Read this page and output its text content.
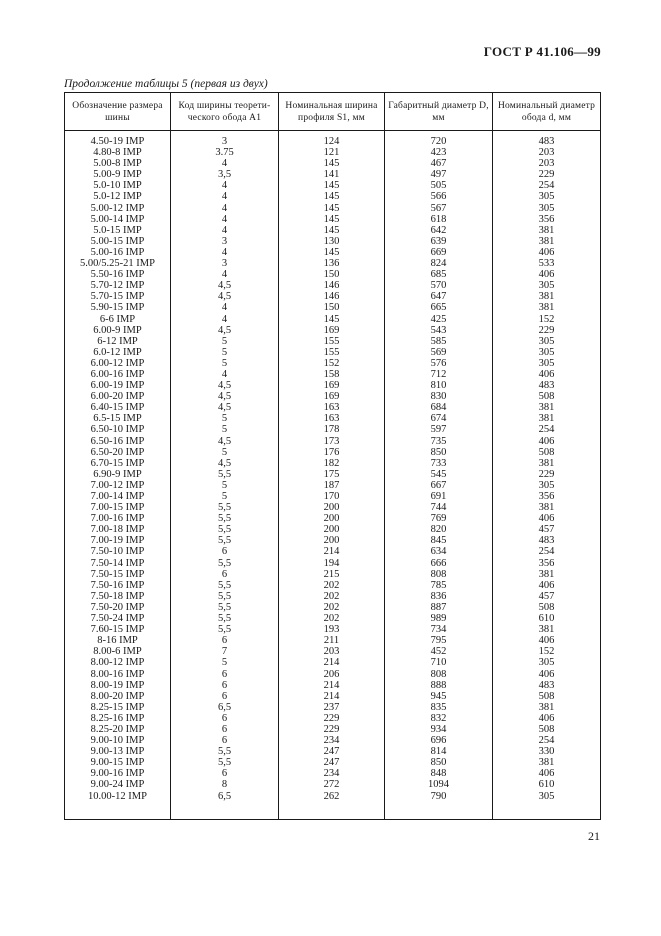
ГОСТ Р 41.106—99
Продолжение таблицы 5 (первая из двух)
Обозначение размера шины	Код ширины теорети-ческого обода A1	Номинальная ширина профиля S1, мм	Габаритный диаметр D, мм	Номинальный диаметр обода d, мм
4.50-19 IMP	3	124	720	483
4.80-8 IMP	3.75	121	423	203
5.00-8 IMP	4	145	467	203
5.00-9 IMP	3,5	141	497	229
5.0-10 IMP	4	145	505	254
5.0-12 IMP	4	145	566	305
5.00-12 IMP	4	145	567	305
5.00-14 IMP	4	145	618	356
5.0-15 IMP	4	145	642	381
5.00-15 IMP	3	130	639	381
5.00-16 IMP	4	145	669	406
5.00/5.25-21 IMP	3	136	824	533
5.50-16 IMP	4	150	685	406
5.70-12 IMP	4,5	146	570	305
5.70-15 IMP	4,5	146	647	381
5.90-15 IMP	4	150	665	381
6-6 IMP	4	145	425	152
6.00-9 IMP	4,5	169	543	229
6-12 IMP	5	155	585	305
6.0-12 IMP	5	155	569	305
6.00-12 IMP	5	152	576	305
6.00-16 IMP	4	158	712	406
6.00-19 IMP	4,5	169	810	483
6.00-20 IMP	4,5	169	830	508
6.40-15 IMP	4,5	163	684	381
6.5-15 IMP	5	163	674	381
6.50-10 IMP	5	178	597	254
6.50-16 IMP	4,5	173	735	406
6.50-20 IMP	5	176	850	508
6.70-15 IMP	4,5	182	733	381
6.90-9 IMP	5,5	175	545	229
7.00-12 IMP	5	187	667	305
7.00-14 IMP	5	170	691	356
7.00-15 IMP	5,5	200	744	381
7.00-16 IMP	5,5	200	769	406
7.00-18 IMP	5,5	200	820	457
7.00-19 IMP	5,5	200	845	483
7.50-10 IMP	6	214	634	254
7.50-14 IMP	5,5	194	666	356
7.50-15 IMP	6	215	808	381
7.50-16 IMP	5,5	202	785	406
7.50-18 IMP	5,5	202	836	457
7.50-20 IMP	5,5	202	887	508
7.50-24 IMP	5,5	202	989	610
7.60-15 IMP	5,5	193	734	381
8-16 IMP	6	211	795	406
8.00-6 IMP	7	203	452	152
8.00-12 IMP	5	214	710	305
8.00-16 IMP	6	206	808	406
8.00-19 IMP	6	214	888	483
8.00-20 IMP	6	214	945	508
8.25-15 IMP	6,5	237	835	381
8.25-16 IMP	6	229	832	406
8.25-20 IMP	6	229	934	508
9.00-10 IMP	6	234	696	254
9.00-13 IMP	5,5	247	814	330
9.00-15 IMP	5,5	247	850	381
9.00-16 IMP	6	234	848	406
9.00-24 IMP	8	272	1094	610
10.00-12 IMP	6,5	262	790	305
21
